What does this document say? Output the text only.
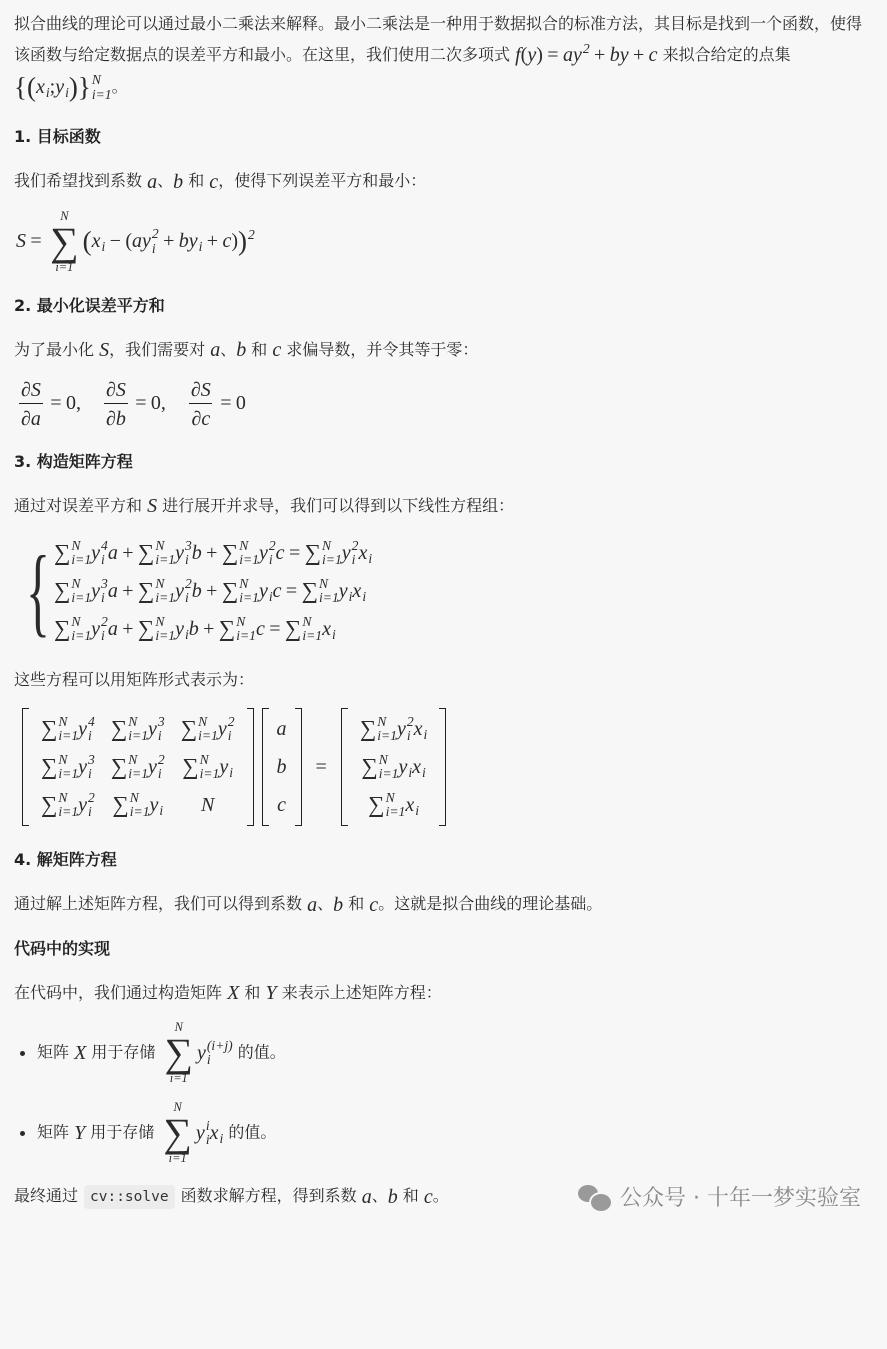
拟合曲线的理论可以通过最小二乘法来解释。最小二乘法是一种用于数据拟合的标准方法，其目标是找到一个函数，使得该函数与给定数据点的误差平方和最小。在这里，我们使用二次多项式 f ( y ) = a y 2 + b y + c 来拟合给定的点集
{ ( x i ; y i ) } N
i=1 。

1. 目标函数

我们希望找到系数 a 、 b 和 c ，使得下列误差平方和最小：

S =
N
∑
i=1
( x i − ( a y 2
i + b y i + c ) ) 2
2. 最小化误差平方和

为了最小化 S ，我们需要对 a 、 b 和 c 求偏导数，并令其等于零：

$\frac{\partial S}{\partial a} = 0$ ,
  $\frac{\partial S}{\partial b} = 0$ ,
  $\frac{\partial S}{\partial c} = 0$
3. 构造矩阵方程

通过对误差平方和 S 进行展开并求导，我们可以得到以下线性方程组：

{ ∑ N
i=1 y 4
i a + ∑ N
i=1 y 3
i b + ∑ N
i=1 y 2
i c = ∑ N
i=1 y 2
i x i
∑ N
i=1 y 3
i a + ∑ N
i=1 y 2
i b + ∑ N
i=1 y i c = ∑ N
i=1 y i x i
∑ N
i=1 y 2
i a + ∑ N
i=1 y i b + ∑ N
i=1 c = ∑ N
i=1 x i

这些方程可以用矩阵形式表示为：

∑ N
i=1 y 4
i ∑ N
i=1 y 3
i ∑ N
i=1 y 2
i
∑ N
i=1 y 3
i ∑ N
i=1 y 2
i ∑ N
i=1 y i
∑ N
i=1 y 2
i ∑ N
i=1 y i N
a
b
c
=
∑ N
i=1 y 2
i x i
∑ N
i=1 y i x i
∑ N
i=1 x i
4. 解矩阵方程

通过解上述矩阵方程，我们可以得到系数 a 、 b 和 c 。这就是拟合曲线的理论基础。

代码中的实现

在代码中，我们通过构造矩阵 X 和 Y 来表示上述矩阵方程：

矩阵 X 用于存储
N
∑
i=1
y (i+j)
i	的值。
矩阵 Y 用于存储
N
∑
i=1
y i
i x i 的值。

最终通过 cv::solve 函数求解方程，得到系数 a 、 b 和 c 。	公众号 · 十年一梦实验室
